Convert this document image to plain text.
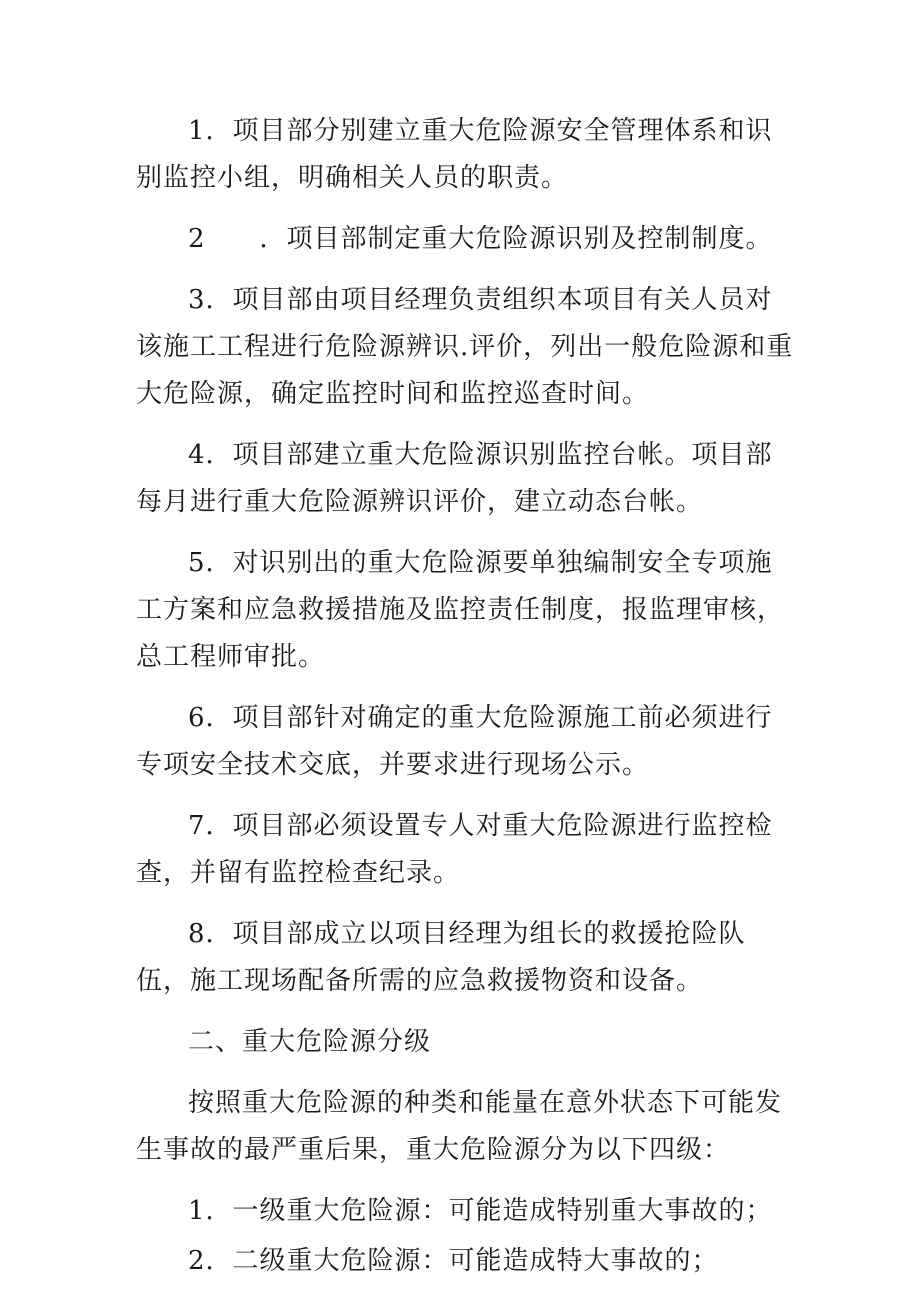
1．项目部分别建立重大危险源安全管理体系和识别监控小组，明确相关人员的职责。

2　　．项目部制定重大危险源识别及控制制度。

3．项目部由项目经理负责组织本项目有关人员对该施工工程进行危险源辨识.评价，列出一般危险源和重大危险源，确定监控时间和监控巡查时间。

4．项目部建立重大危险源识别监控台帐。项目部每月进行重大危险源辨识评价，建立动态台帐。

5．对识别出的重大危险源要单独编制安全专项施工方案和应急救援措施及监控责任制度，报监理审核，总工程师审批。

6．项目部针对确定的重大危险源施工前必须进行专项安全技术交底，并要求进行现场公示。

7．项目部必须设置专人对重大危险源进行监控检查，并留有监控检查纪录。

8．项目部成立以项目经理为组长的救援抢险队伍，施工现场配备所需的应急救援物资和设备。

二、重大危险源分级

按照重大危险源的种类和能量在意外状态下可能发生事故的最严重后果，重大危险源分为以下四级：

1．一级重大危险源：可能造成特别重大事故的；

2．二级重大危险源：可能造成特大事故的；
